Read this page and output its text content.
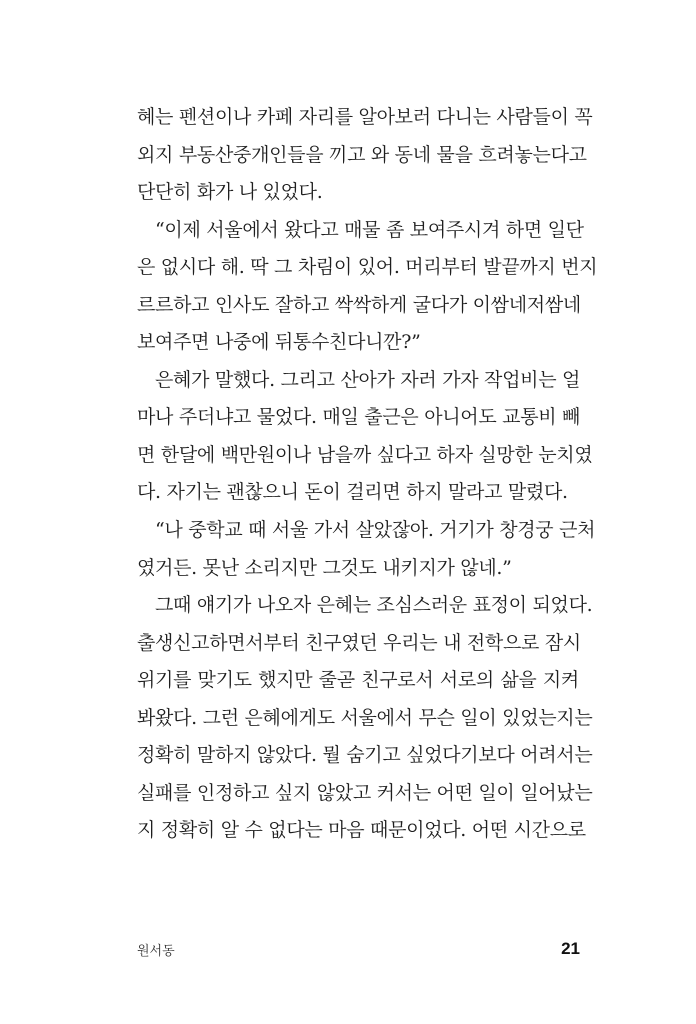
혜는 펜션이나 카페 자리를 알아보러 다니는 사람들이 꼭
외지 부동산중개인들을 끼고 와 동네 물을 흐려놓는다고
단단히 화가 나 있었다.
“이제 서울에서 왔다고 매물 좀 보여주시겨 하면 일단
은 없시다 해. 딱 그 차림이 있어. 머리부터 발끝까지 번지
르르하고 인사도 잘하고 싹싹하게 굴다가 이쌈네저쌈네
보여주면 나중에 뒤통수친다니깐?”
은혜가 말했다. 그리고 산아가 자러 가자 작업비는 얼
마나 주더냐고 물었다. 매일 출근은 아니어도 교통비 빼
면 한달에 백만원이나 남을까 싶다고 하자 실망한 눈치였
다. 자기는 괜찮으니 돈이 걸리면 하지 말라고 말렸다.
“나 중학교 때 서울 가서 살았잖아. 거기가 창경궁 근처
였거든. 못난 소리지만 그것도 내키지가 않네.”
그때 얘기가 나오자 은혜는 조심스러운 표정이 되었다.
출생신고하면서부터 친구였던 우리는 내 전학으로 잠시
위기를 맞기도 했지만 줄곧 친구로서 서로의 삶을 지켜
봐왔다. 그런 은혜에게도 서울에서 무슨 일이 있었는지는
정확히 말하지 않았다. 뭘 숨기고 싶었다기보다 어려서는
실패를 인정하고 싶지 않았고 커서는 어떤 일이 일어났는
지 정확히 알 수 없다는 마음 때문이었다. 어떤 시간으로
원서동	21
